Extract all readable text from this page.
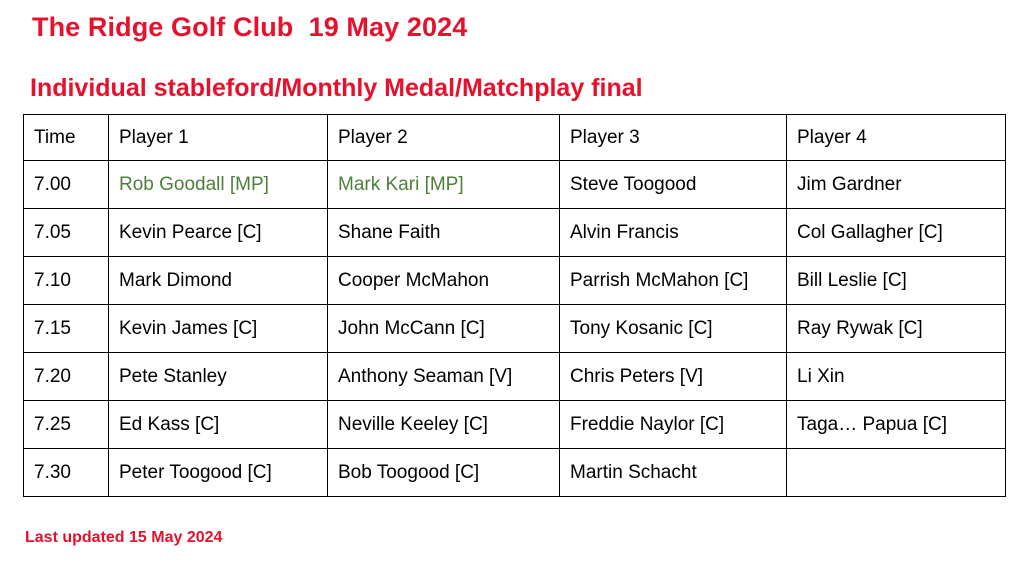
The Ridge Golf Club  19 May 2024
Individual stableford/Monthly Medal/Matchplay final
Time	Player 1	Player 2	Player 3	Player 4
7.00	Rob Goodall [MP]	Mark Kari [MP]	Steve Toogood	Jim Gardner
7.05	Kevin Pearce [C]	Shane Faith	Alvin Francis	Col Gallagher [C]
7.10	Mark Dimond	Cooper McMahon	Parrish McMahon [C]	Bill Leslie [C]
7.15	Kevin James [C]	John McCann [C]	Tony Kosanic [C]	Ray Rywak [C]
7.20	Pete Stanley	Anthony Seaman [V]	Chris Peters [V]	Li Xin
7.25	Ed Kass [C]	Neville Keeley [C]	Freddie Naylor [C]	Taga… Papua [C]
7.30	Peter Toogood [C]	Bob Toogood [C]	Martin Schacht	
Last updated 15 May 2024
